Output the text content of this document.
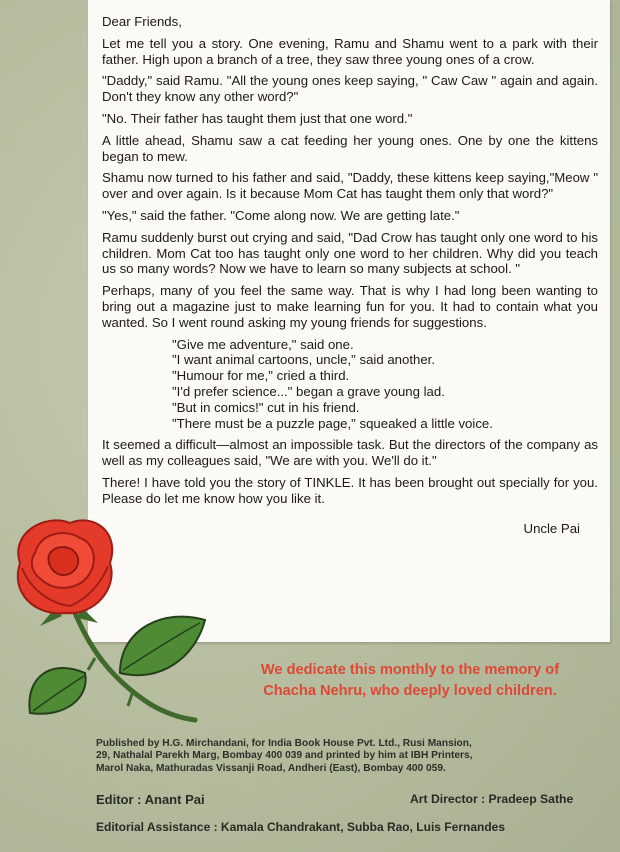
Dear Friends,

Let me tell you a story. One evening, Ramu and Shamu went to a park with their father. High upon a branch of a tree, they saw three young ones of a crow.

"Daddy," said Ramu. "All the young ones keep saying, " Caw Caw " again and again. Don't they know any other word?"

"No. Their father has taught them just that one word."

A little ahead, Shamu saw a cat feeding her young ones. One by one the kittens began to mew.

Shamu now turned to his father and said, "Daddy, these kittens keep saying,"Meow " over and over again. Is it because Mom Cat has taught them only that word?"

"Yes," said the father. "Come along now. We are getting late."

Ramu suddenly burst out crying and said, "Dad Crow has taught only one word to his children. Mom Cat too has taught only one word to her children. Why did you teach us so many words? Now we have to learn so many subjects at school. "

Perhaps, many of you feel the same way. That is why I had long been wanting to bring out a magazine just to make learning fun for you. It had to contain what you wanted. So I went round asking my young friends for suggestions.

"Give me adventure," said one.
"I want animal cartoons, uncle," said another.
"Humour for me," cried a third.
"I'd prefer science..." began a grave young lad.
"But in comics!" cut in his friend.
"There must be a puzzle page," squeaked a little voice.

It seemed a difficult—almost an impossible task. But the directors of the company as well as my colleagues said, "We are with you. We'll do it."

There! I have told you the story of TINKLE. It has been brought out specially for you. Please do let me know how you like it.

Uncle Pai
We dedicate this monthly to the memory of
Chacha Nehru, who deeply loved children.
Published by H.G. Mirchandani, for India Book House Pvt. Ltd., Rusi Mansion,
29, Nathalal Parekh Marg, Bombay 400 039 and printed by him at IBH Printers,
Marol Naka, Mathuradas Vissanji Road, Andheri (East), Bombay 400 059.
Editor : Anant Pai	Art Director : Pradeep Sathe
Editorial Assistance : Kamala Chandrakant, Subba Rao, Luis Fernandes
